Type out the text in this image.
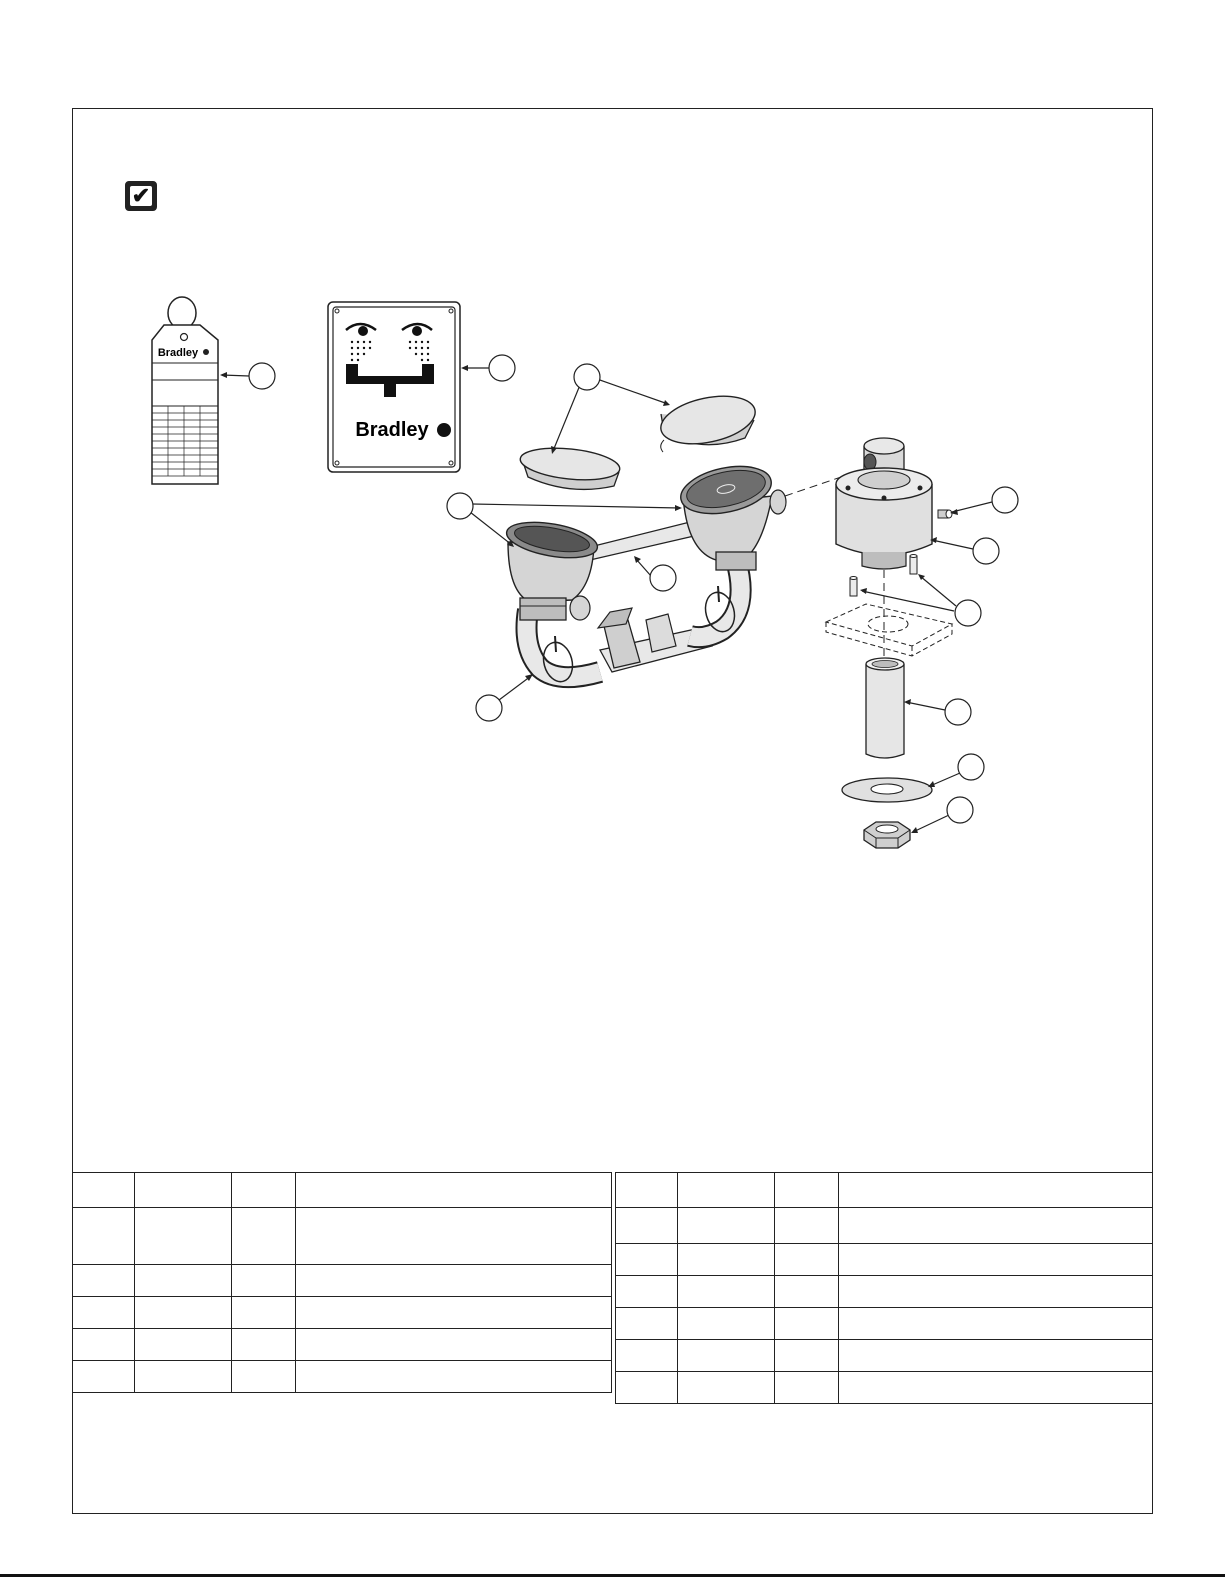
✔
Bradley
Bradley
